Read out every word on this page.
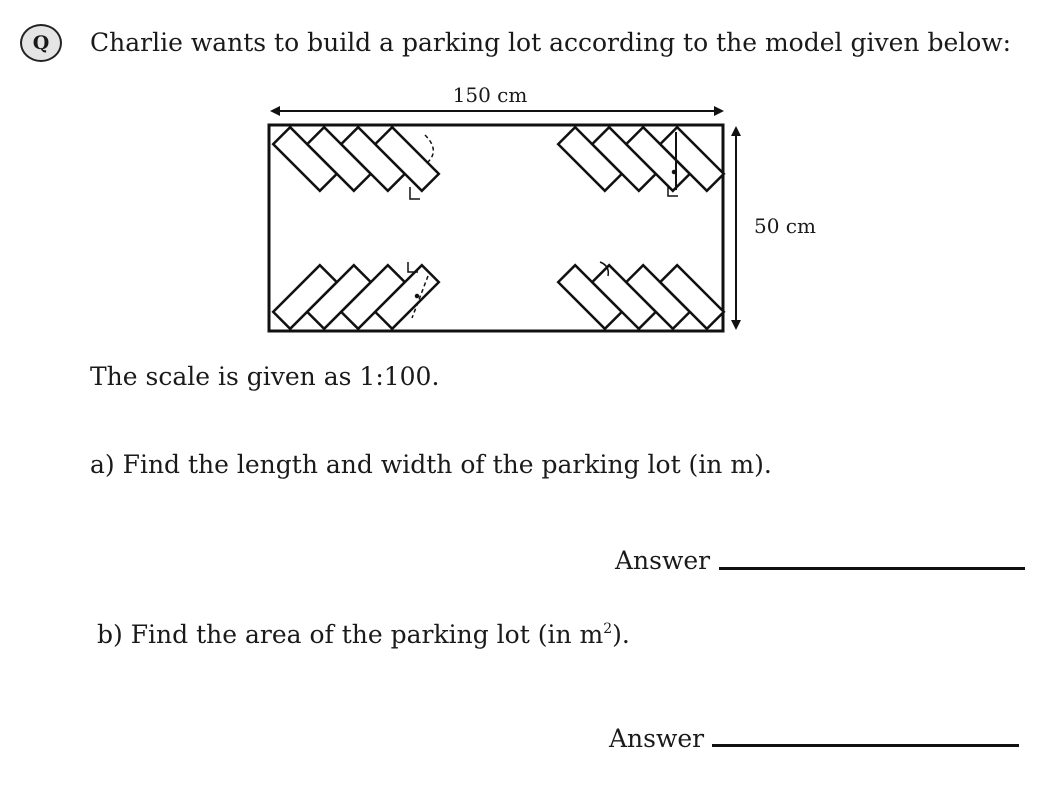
Q Charlie wants to build a parking lot according to the model given below:
150 cm
50 cm
The scale is given as 1:100.
a) Find the length and width of the parking lot (in m).
Answer
b) Find the area of the parking lot (in $m^2$).
Answer
